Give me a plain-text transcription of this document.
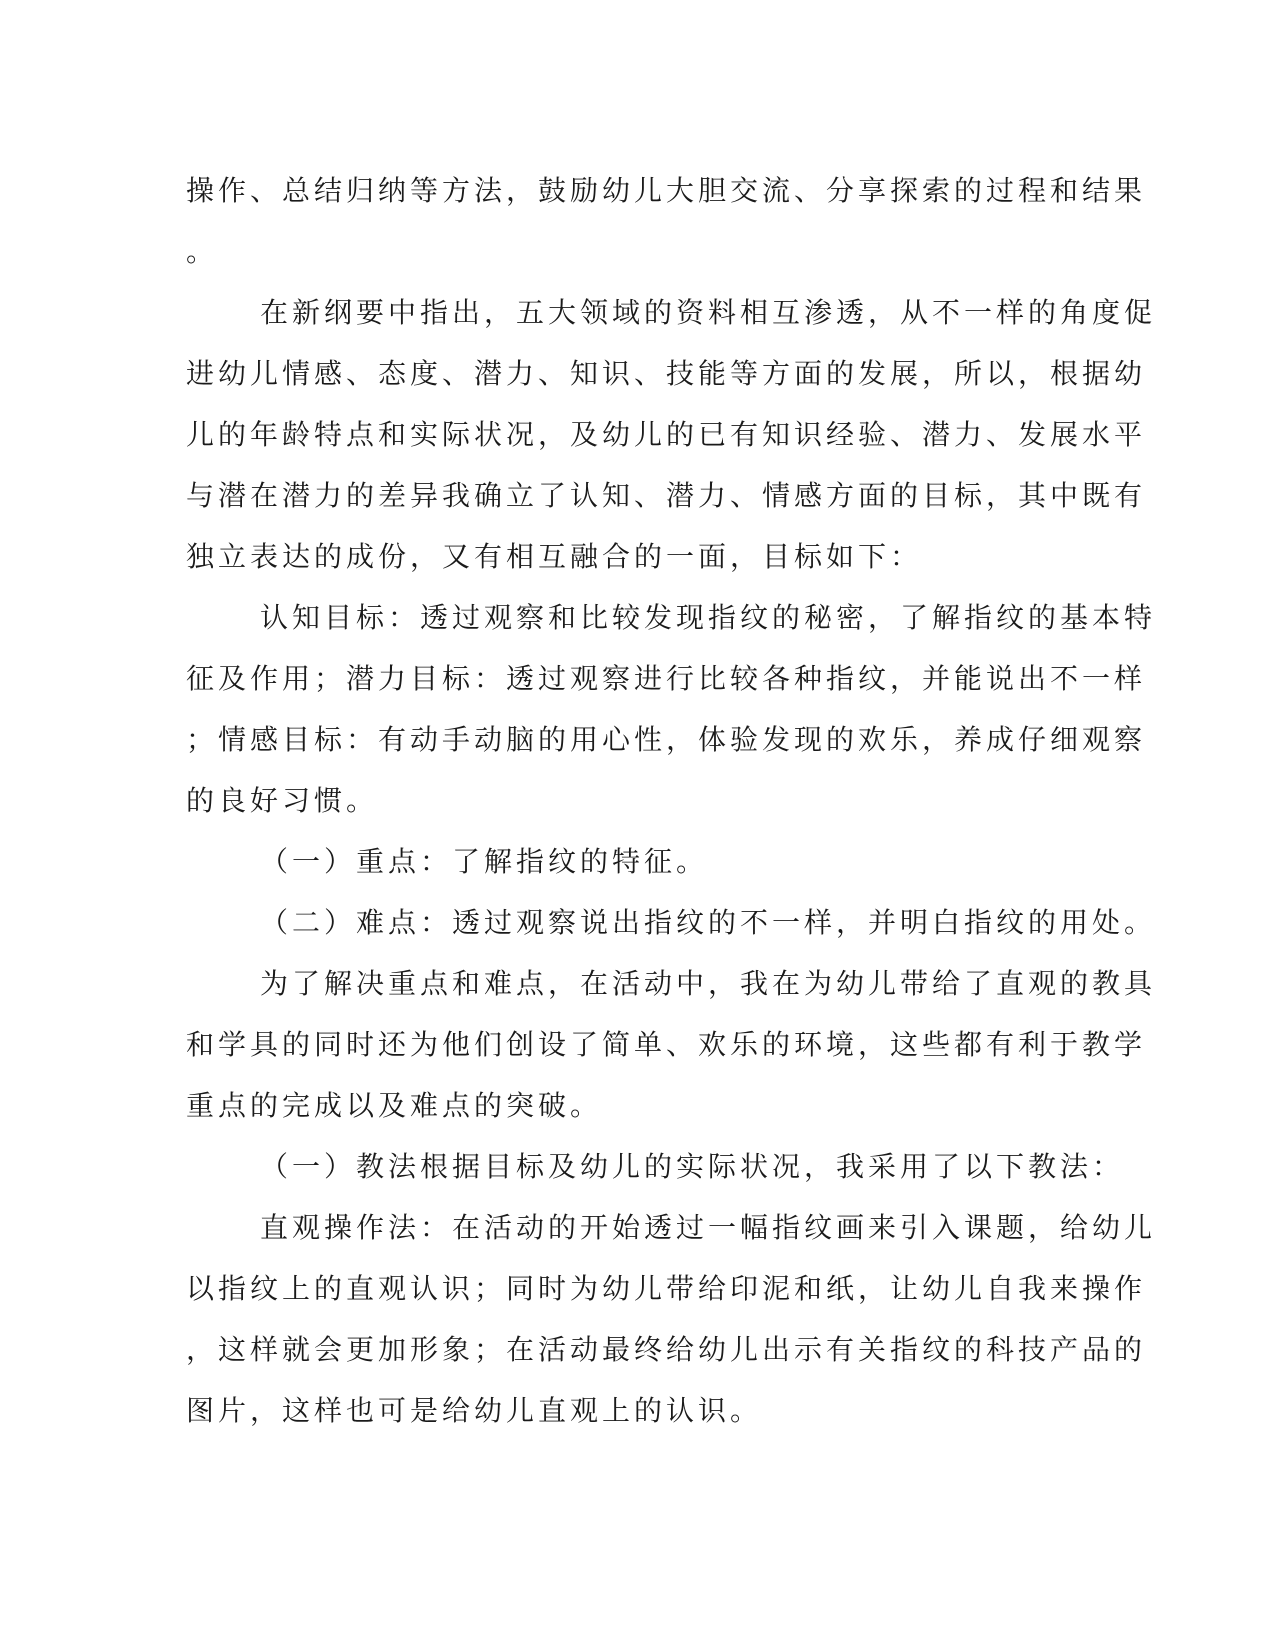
操作、总结归纳等方法，鼓励幼儿大胆交流、分享探索的过程和结果
。
在新纲要中指出，五大领域的资料相互渗透，从不一样的角度促
进幼儿情感、态度、潜力、知识、技能等方面的发展，所以，根据幼
儿的年龄特点和实际状况，及幼儿的已有知识经验、潜力、发展水平
与潜在潜力的差异我确立了认知、潜力、情感方面的目标，其中既有
独立表达的成份，又有相互融合的一面，目标如下：
认知目标：透过观察和比较发现指纹的秘密，了解指纹的基本特
征及作用；潜力目标：透过观察进行比较各种指纹，并能说出不一样
；情感目标：有动手动脑的用心性，体验发现的欢乐，养成仔细观察
的良好习惯。
（一）重点：了解指纹的特征。
（二）难点：透过观察说出指纹的不一样，并明白指纹的用处。
为了解决重点和难点，在活动中，我在为幼儿带给了直观的教具
和学具的同时还为他们创设了简单、欢乐的环境，这些都有利于教学
重点的完成以及难点的突破。
（一）教法根据目标及幼儿的实际状况，我采用了以下教法：
直观操作法：在活动的开始透过一幅指纹画来引入课题，给幼儿
以指纹上的直观认识；同时为幼儿带给印泥和纸，让幼儿自我来操作
，这样就会更加形象；在活动最终给幼儿出示有关指纹的科技产品的
图片，这样也可是给幼儿直观上的认识。
